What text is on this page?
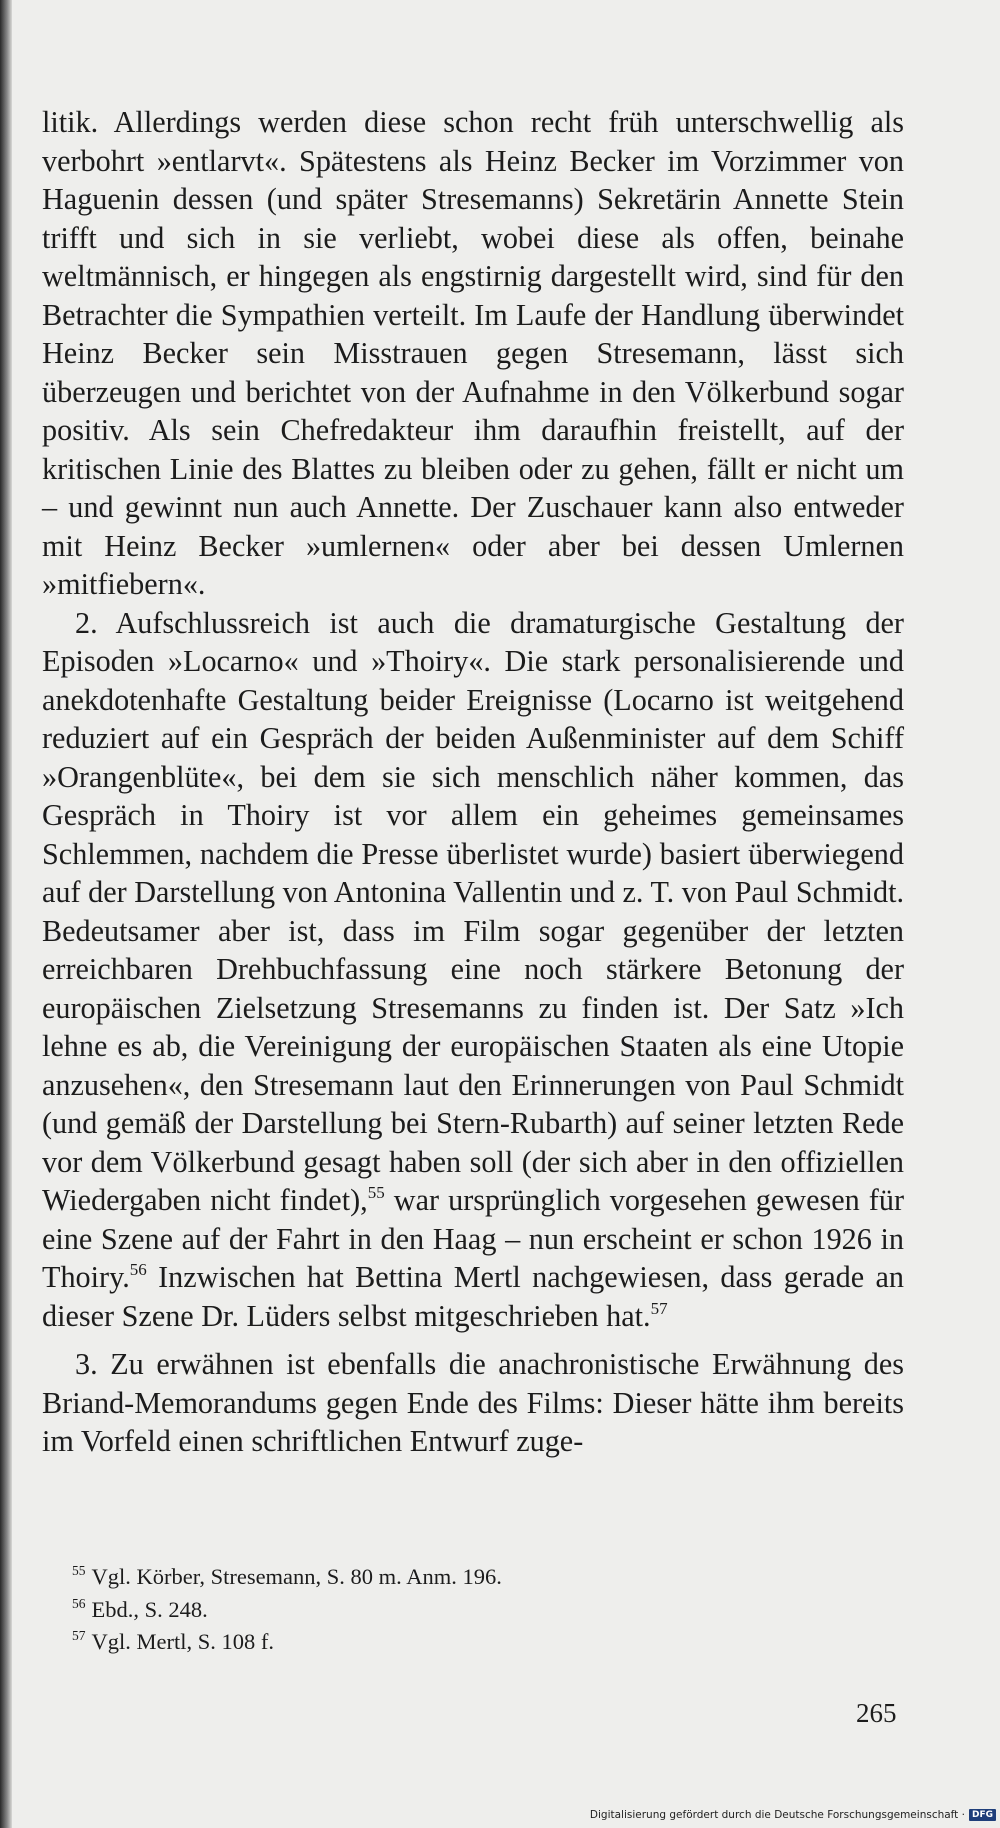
litik. Allerdings werden diese schon recht früh unterschwellig als verbohrt »entlarvt«. Spätestens als Heinz Becker im Vorzimmer von Haguenin dessen (und später Stresemanns) Sekretärin Annette Stein trifft und sich in sie verliebt, wobei diese als offen, beinahe weltmännisch, er hingegen als engstirnig dargestellt wird, sind für den Betrachter die Sympathien verteilt. Im Laufe der Handlung überwindet Heinz Becker sein Misstrauen gegen Stresemann, lässt sich überzeugen und berichtet von der Aufnahme in den Völkerbund sogar positiv. Als sein Chefredakteur ihm daraufhin freistellt, auf der kritischen Linie des Blattes zu bleiben oder zu gehen, fällt er nicht um – und gewinnt nun auch Annette. Der Zuschauer kann also entweder mit Heinz Becker »umlernen« oder aber bei dessen Umlernen »mitfiebern«.

2. Aufschlussreich ist auch die dramaturgische Gestaltung der Episoden »Locarno« und »Thoiry«. Die stark personalisierende und anekdotenhafte Gestaltung beider Ereignisse (Locarno ist weitgehend reduziert auf ein Gespräch der beiden Außenminister auf dem Schiff »Orangenblüte«, bei dem sie sich menschlich näher kommen, das Gespräch in Thoiry ist vor allem ein geheimes gemeinsames Schlemmen, nachdem die Presse überlistet wurde) basiert überwiegend auf der Darstellung von Antonina Vallentin und z. T. von Paul Schmidt. Bedeutsamer aber ist, dass im Film sogar gegenüber der letzten erreichbaren Drehbuchfassung eine noch stärkere Betonung der europäischen Zielsetzung Stresemanns zu finden ist. Der Satz »Ich lehne es ab, die Vereinigung der europäischen Staaten als eine Utopie anzusehen«, den Stresemann laut den Erinnerungen von Paul Schmidt (und gemäß der Darstellung bei Stern-Rubarth) auf seiner letzten Rede vor dem Völkerbund gesagt haben soll (der sich aber in den offiziellen Wiedergaben nicht findet),$^{55}$ war ursprünglich vorgesehen gewesen für eine Szene auf der Fahrt in den Haag – nun erscheint er schon 1926 in Thoiry.$^{56}$ Inzwischen hat Bettina Mertl nachgewiesen, dass gerade an dieser Szene Dr. Lüders selbst mitgeschrieben hat.$^{57}$

3. Zu erwähnen ist ebenfalls die anachronistische Erwähnung des Briand-Memorandums gegen Ende des Films: Dieser hätte ihm bereits im Vorfeld einen schriftlichen Entwurf zuge-

$^{55}$ Vgl. Körber, Stresemann, S. 80 m. Anm. 196.
$^{56}$ Ebd., S. 248.
$^{57}$ Vgl. Mertl, S. 108 f.
265
Digitalisierung gefördert durch die Deutsche Forschungsgemeinschaft · DFG
